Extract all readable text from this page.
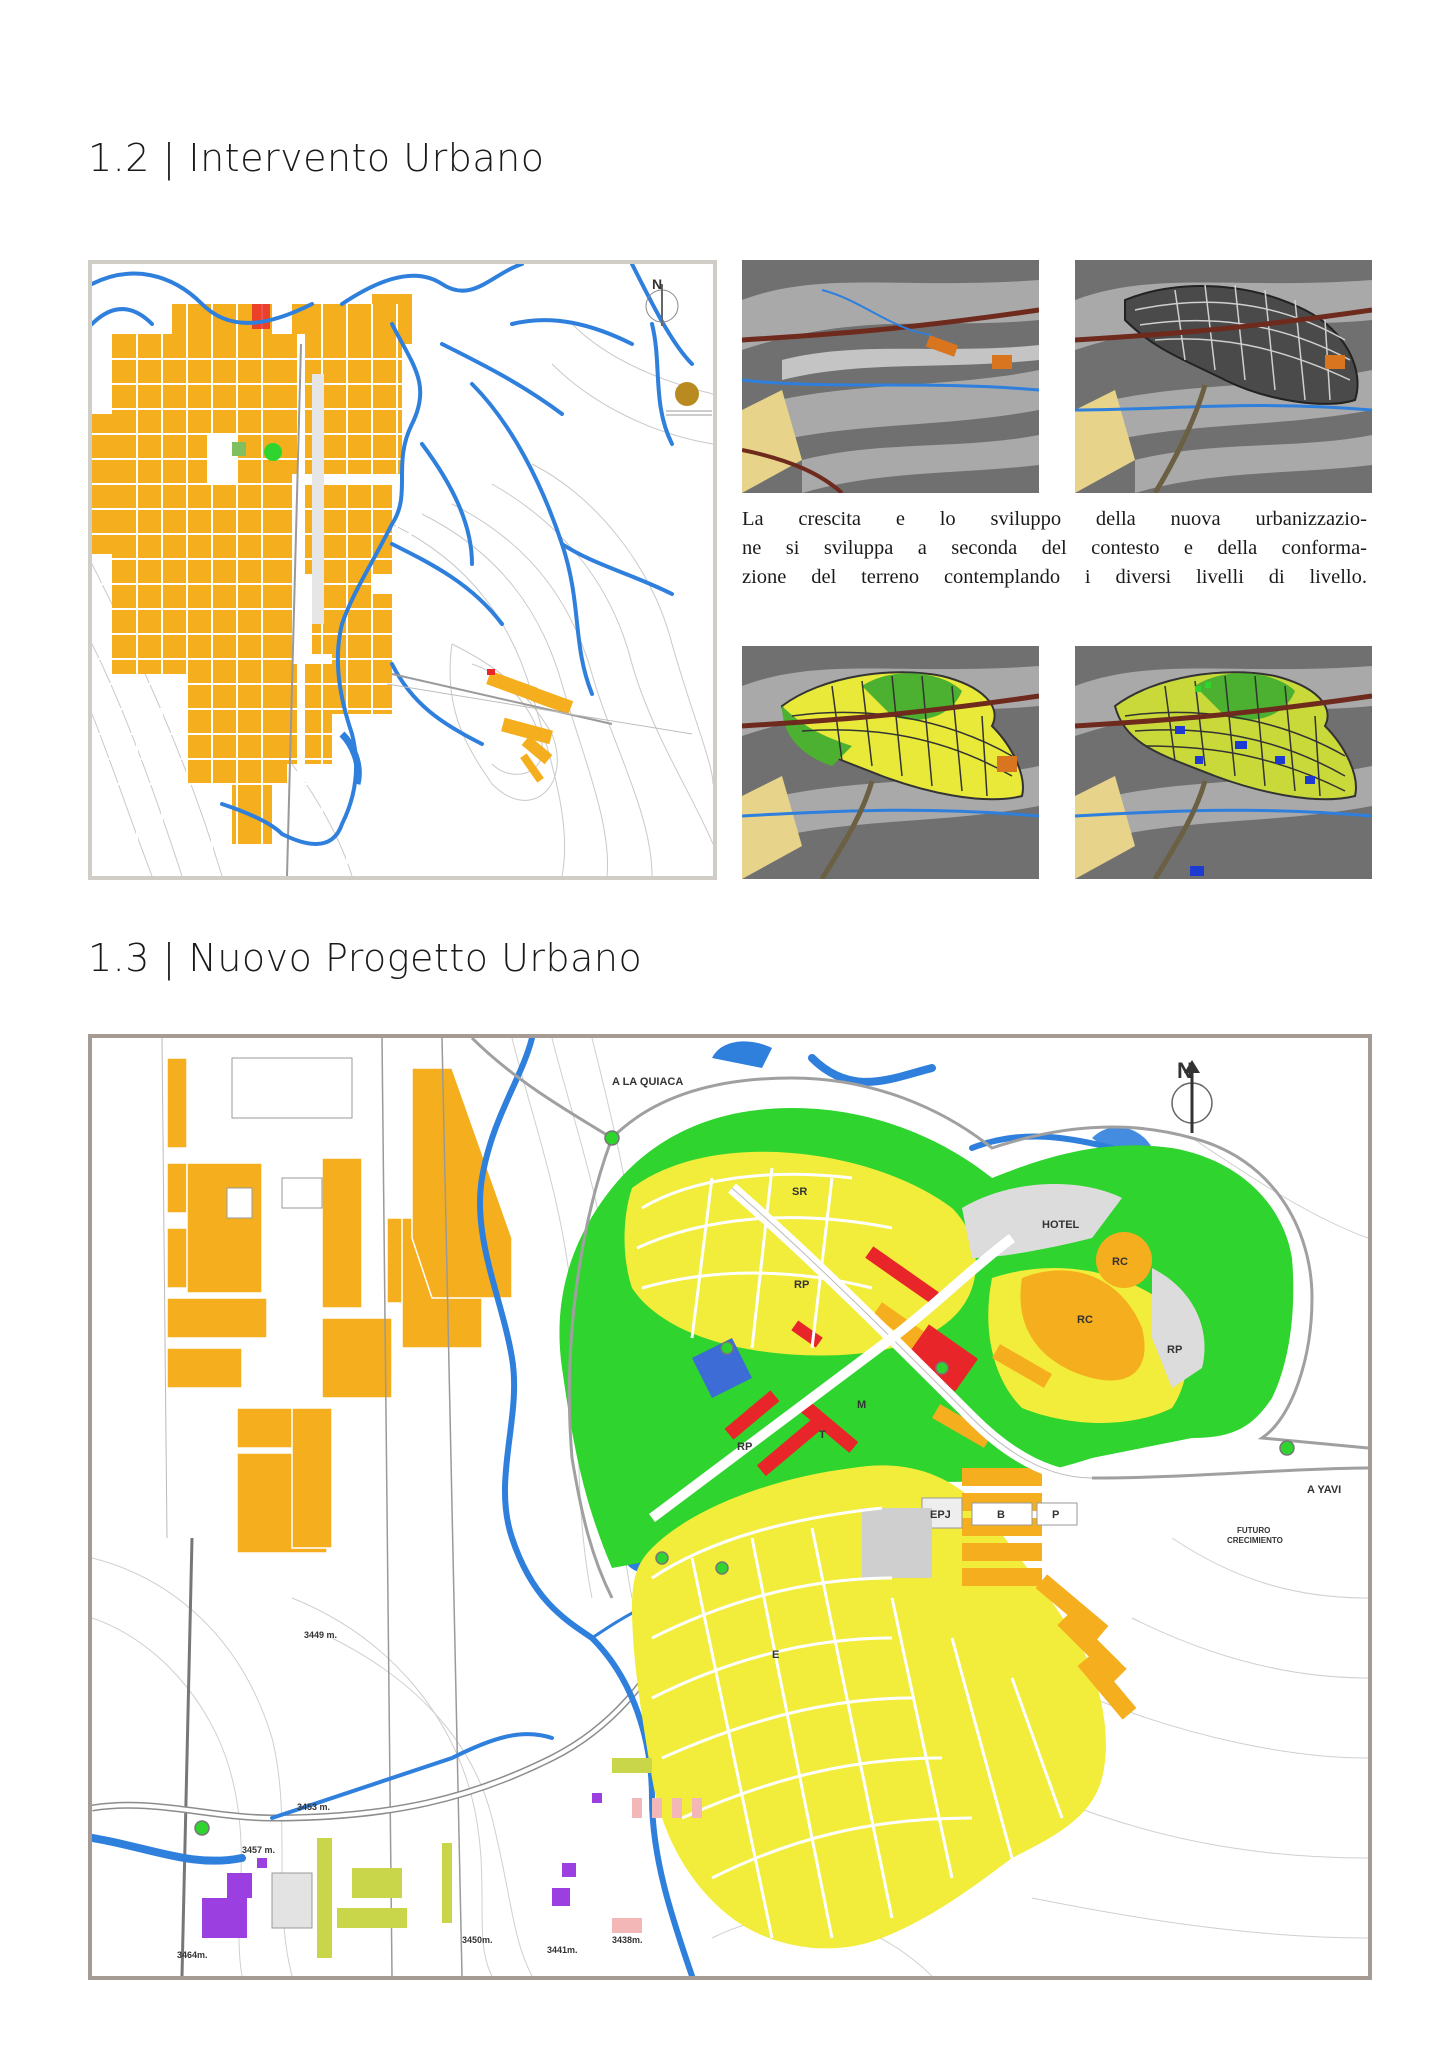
1.2 | Intervento Urbano
N

La crescita e lo sviluppo della nuova urbanizzazio-
ne si sviluppa a seconda del contesto e della conforma-
zione del terreno contemplando i diversi livelli di livello.

1.3 | Nuovo Progetto Urbano
N
A LA QUIACA
A YAVI
FUTURO
CRECIMIENTO
HOTEL
RC
RC
RP
RP
RP
SR
EPJ	B	P
M
T
E
3449 m.
3453 m.
3457 m.
3450m.
3441m.
3438m.
3464m.
